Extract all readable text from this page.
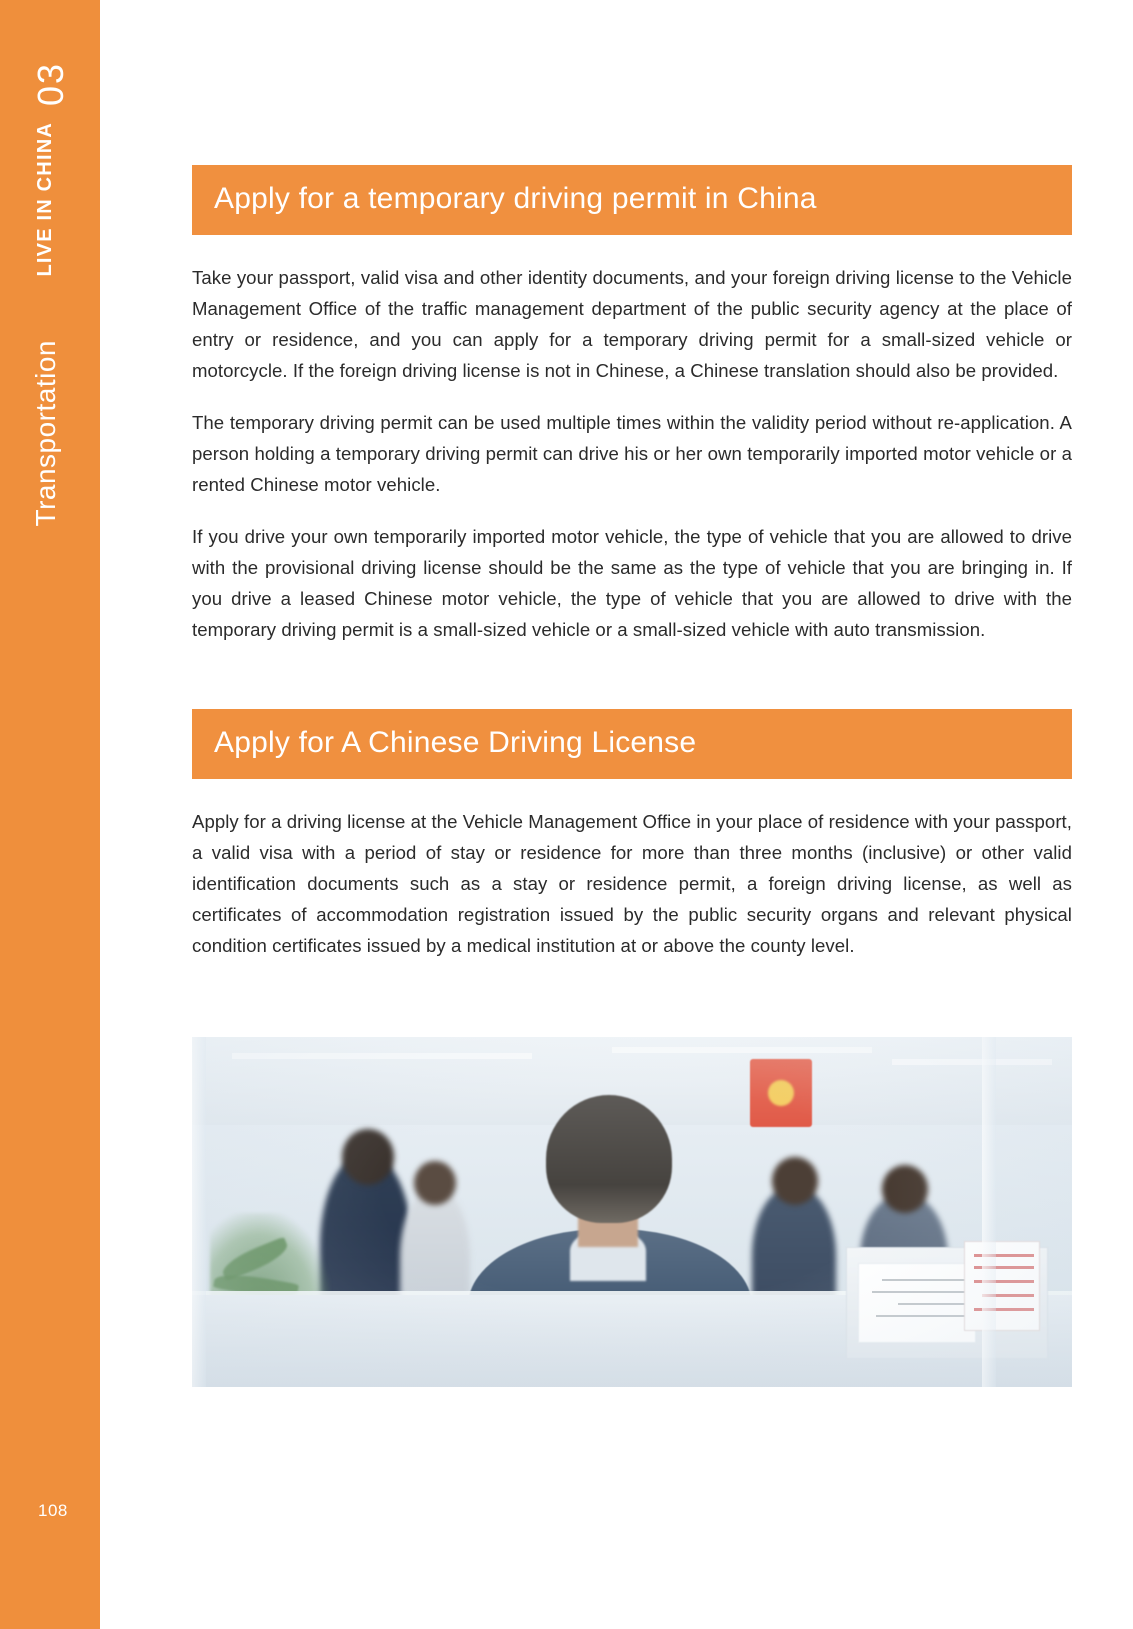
03
LIVE IN CHINA
Transportation
108
Apply for a temporary driving permit in China

Take your passport, valid visa and other identity documents, and your foreign driving license to the Vehicle Management Office of the traffic management department of the public security agency at the place of entry or residence, and you can apply for a temporary driving permit for a small-sized vehicle or motorcycle. If the foreign driving license is not in Chinese, a Chinese translation should also be provided.

The temporary driving permit can be used multiple times within the validity period without re-application. A person holding a temporary driving permit can drive his or her own temporarily imported motor vehicle or a rented Chinese motor vehicle.

If you drive your own temporarily imported motor vehicle, the type of vehicle that you are allowed to drive with the provisional driving license should be the same as the type of vehicle that you are bringing in. If you drive a leased Chinese motor vehicle, the type of vehicle that you are allowed to drive with the temporary driving permit is a small-sized vehicle or a small-sized vehicle with auto transmission.

Apply for A Chinese Driving License

Apply for a driving license at the Vehicle Management Office in your place of residence with your passport, a valid visa with a period of stay or residence for more than three months (inclusive) or other valid identification documents such as a stay or residence permit, a foreign driving license, as well as certificates of accommodation registration issued by the public security organs and relevant physical condition certificates issued by a medical institution at or above the county level.
